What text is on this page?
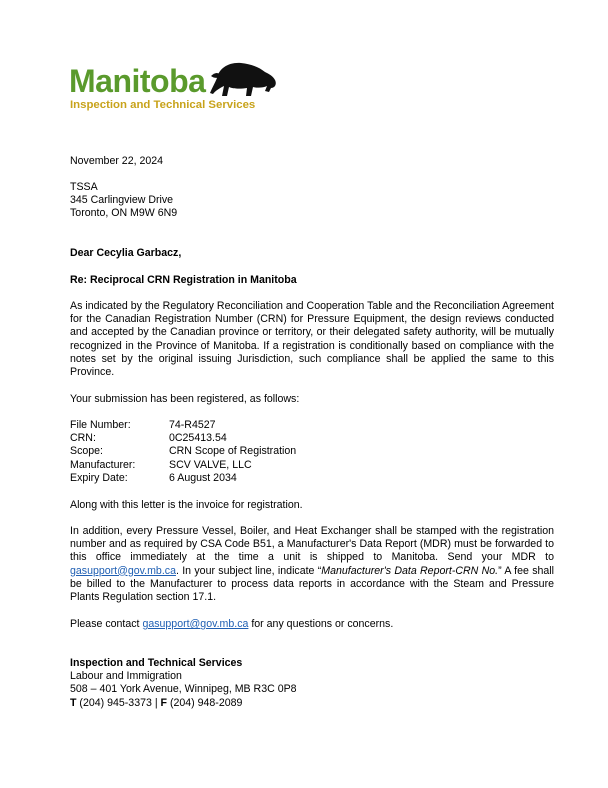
Manitoba
Inspection and Technical Services
November 22, 2024
TSSA
345 Carlingview Drive
Toronto, ON M9W 6N9
Dear Cecylia Garbacz,
Re: Reciprocal CRN Registration in Manitoba
As indicated by the Regulatory Reconciliation and Cooperation Table and the Reconciliation Agreement for the Canadian Registration Number (CRN) for Pressure Equipment, the design reviews conducted and accepted by the Canadian province or territory, or their delegated safety authority, will be mutually recognized in the Province of Manitoba. If a registration is conditionally based on compliance with the notes set by the original issuing Jurisdiction, such compliance shall be applied the same to this Province.
Your submission has been registered, as follows:
File Number:	74-R4527
CRN:	0C25413.54
Scope:	CRN Scope of Registration
Manufacturer:	SCV VALVE, LLC
Expiry Date:	6 August 2034
Along with this letter is the invoice for registration.
In addition, every Pressure Vessel, Boiler, and Heat Exchanger shall be stamped with the registration number and as required by CSA Code B51, a Manufacturer's Data Report (MDR) must be forwarded to this office immediately at the time a unit is shipped to Manitoba. Send your MDR to gasupport@gov.mb.ca. In your subject line, indicate “Manufacturer's Data Report-CRN No.” A fee shall be billed to the Manufacturer to process data reports in accordance with the Steam and Pressure Plants Regulation section 17.1.
Please contact gasupport@gov.mb.ca for any questions or concerns.
Inspection and Technical Services
Labour and Immigration
508 – 401 York Avenue, Winnipeg, MB R3C 0P8
T (204) 945-3373 | F (204) 948-2089
